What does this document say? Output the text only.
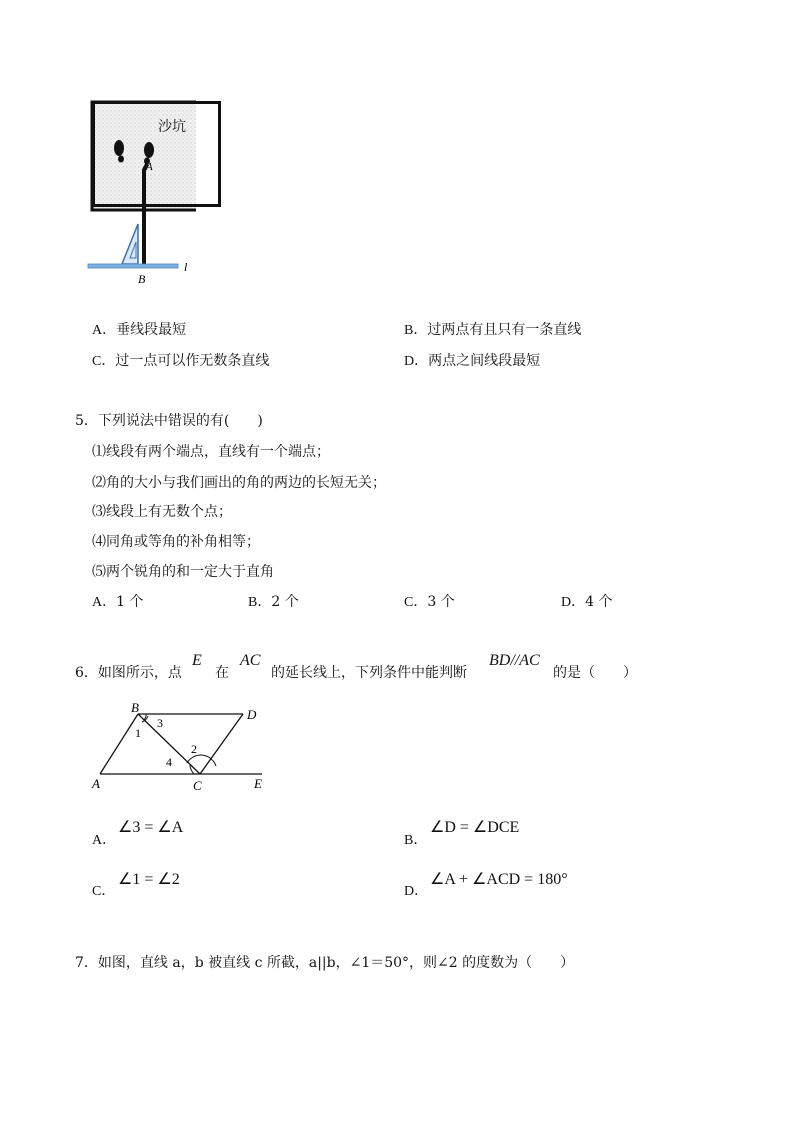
A
B
l
沙坑
A．垂线段最短	B．过两点有且只有一条直线
C．过一点可以作无数条直线	D．两点之间线段最短
5．下列说法中错误的有(　　)
⑴线段有两个端点，直线有一个端点；
⑵角的大小与我们画出的角的两边的长短无关；
⑶线段上有无数个点；
⑷同角或等角的补角相等；
⑸两个锐角的和一定大于直角
A．1 个	B．2 个	C．3 个	D．4 个
6．如图所示，点
E
在
AC
的延长线上，下列条件中能判断
BD//AC
的是（　　）
B	D
A	C	E
1
3
2
4
A．
∠3 = ∠A
B．
∠D = ∠DCE
C．
∠1 = ∠2
D．
∠A + ∠ACD = 180°
7．如图，直线 a，b 被直线 c 所截，a||b，∠1＝50°，则∠2 的度数为（　　）
